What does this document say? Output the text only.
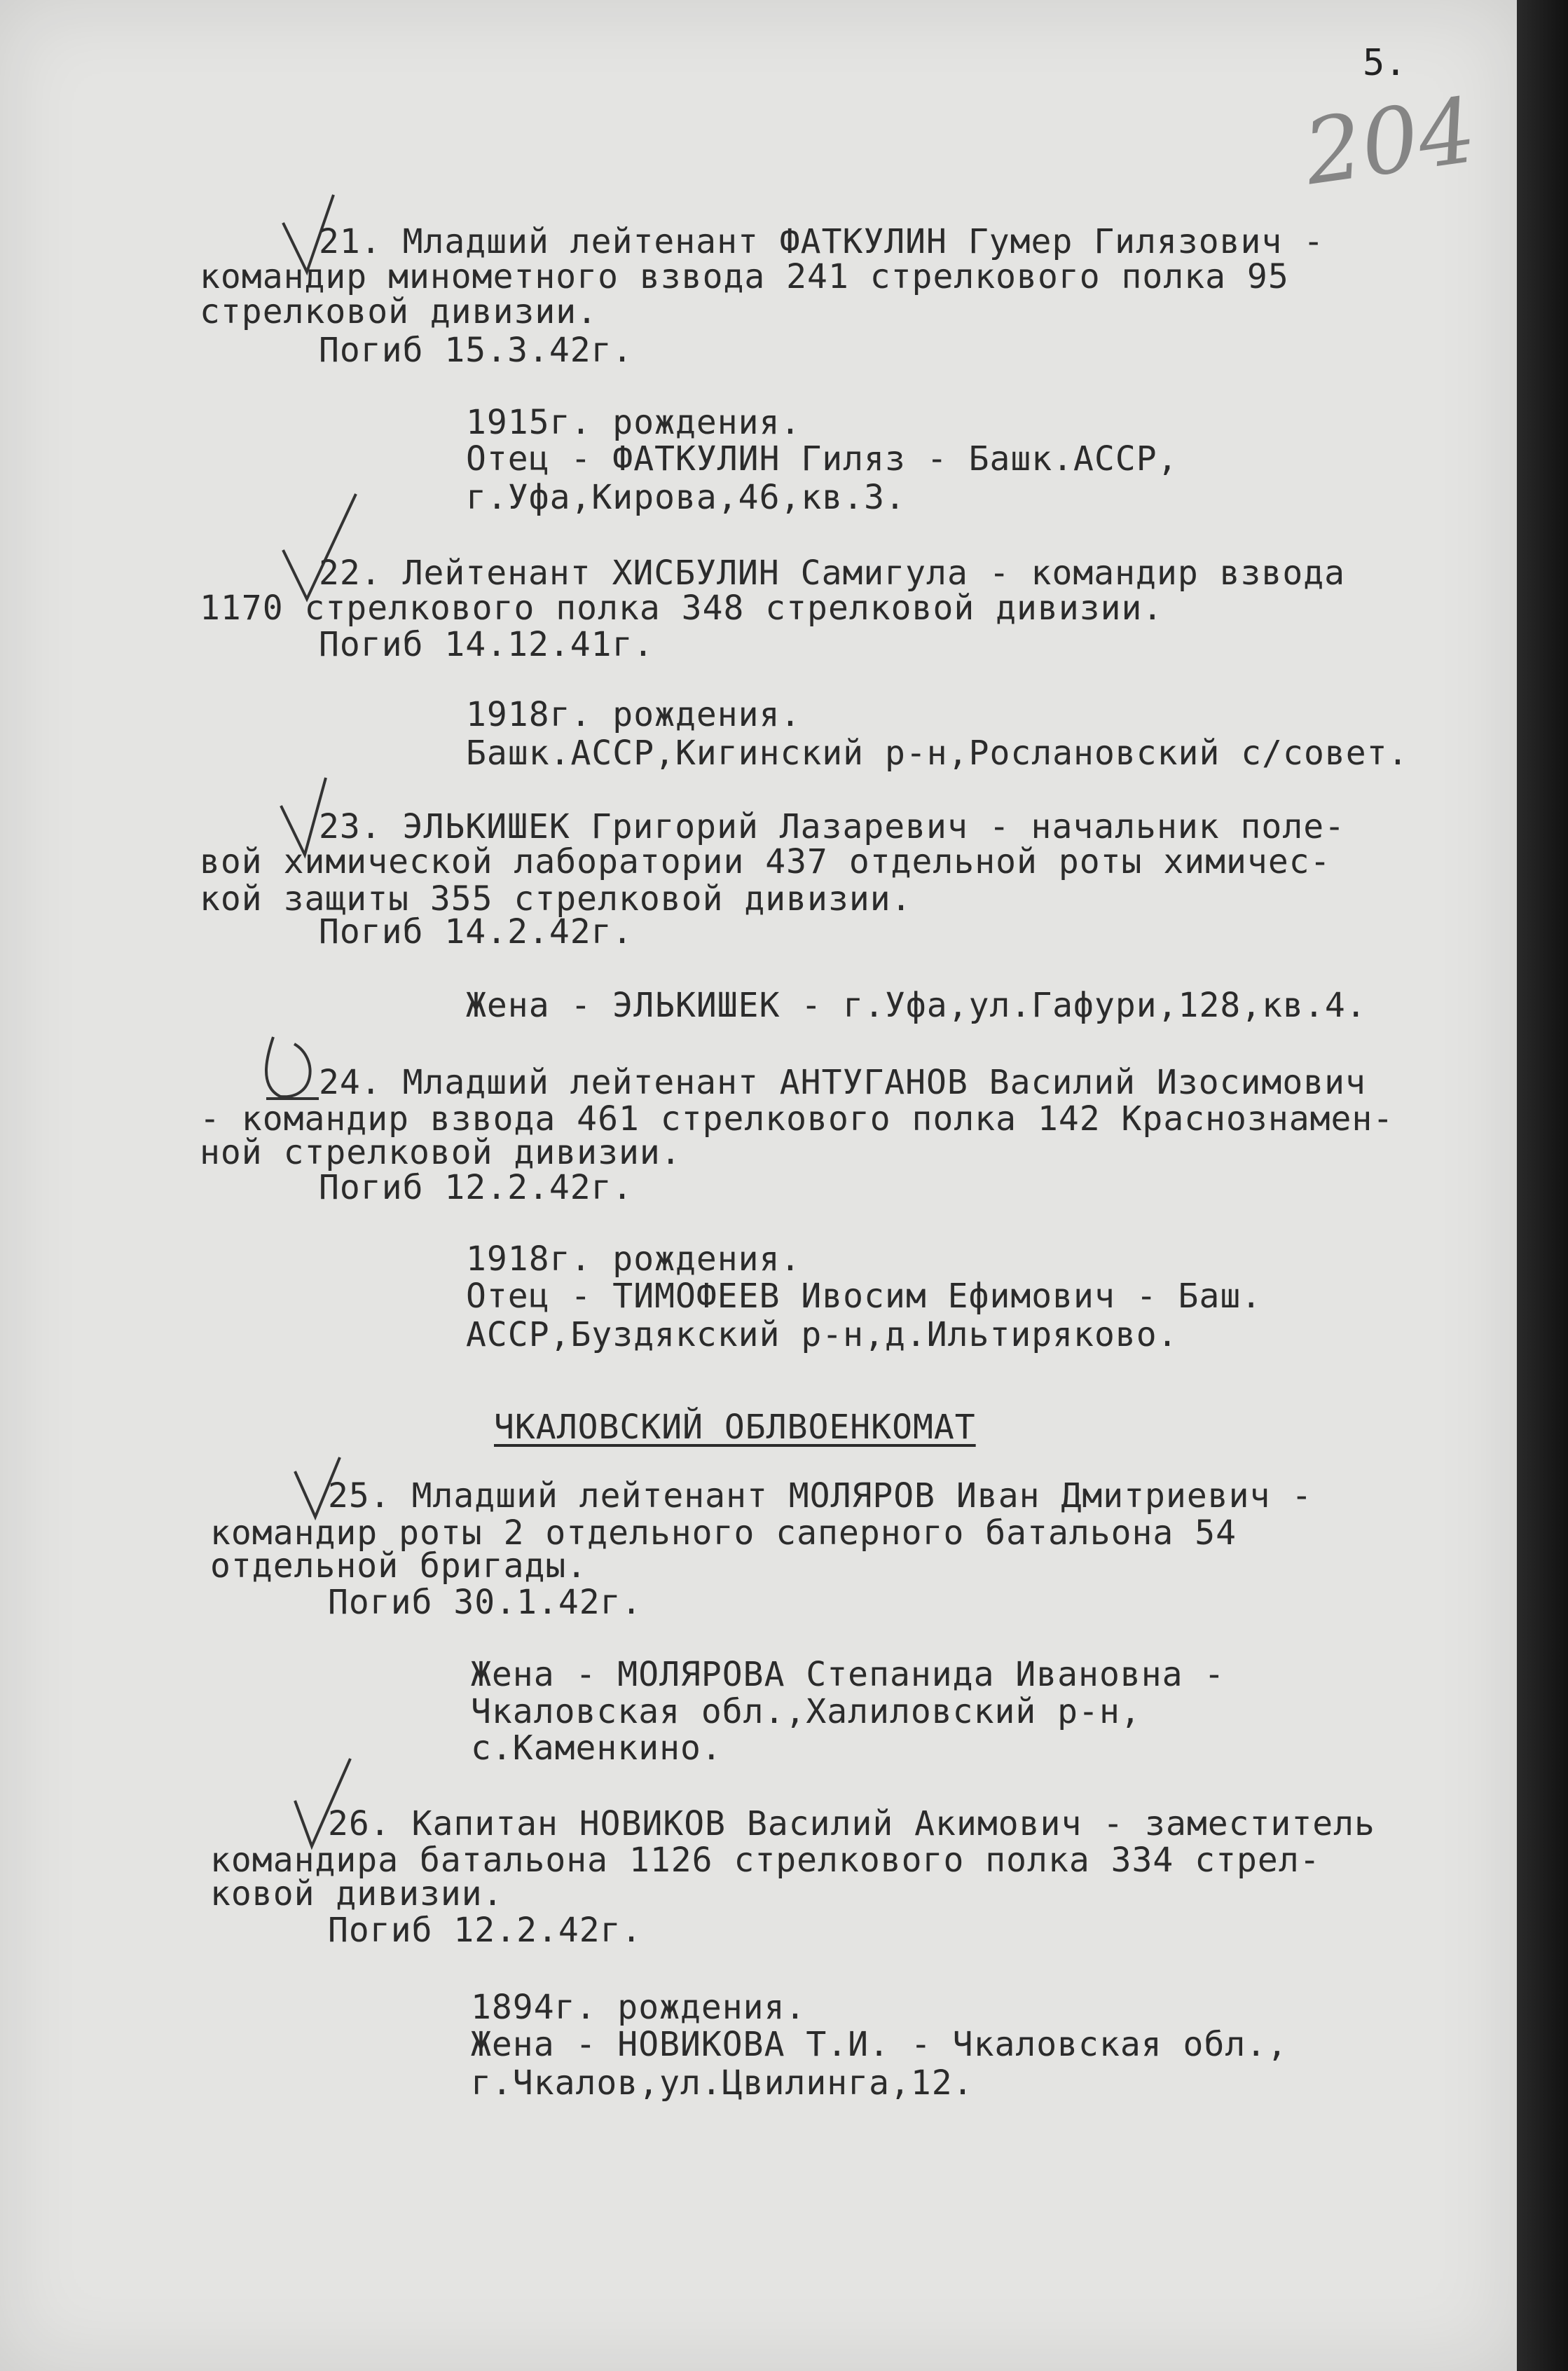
5.
204
21. Младший лейтенант ФАТКУЛИН Гумер Гилязович -
командир минометного взвода 241 стрелкового полка 95
стрелковой дивизии.
Погиб 15.3.42г.
1915г. рождения.
Отец - ФАТКУЛИН Гиляз - Башк.АССР,
г.Уфа,Кирова,46,кв.3.
22. Лейтенант ХИСБУЛИН Самигула - командир взвода
1170 стрелкового полка 348 стрелковой дивизии.
Погиб 14.12.41г.
1918г. рождения.
Башк.АССР,Кигинский р-н,Рослановский с/совет.
23. ЭЛЬКИШЕК Григорий Лазаревич - начальник поле-
вой химической лаборатории 437 отдельной роты химичес-
кой защиты 355 стрелковой дивизии.
Погиб 14.2.42г.
Жена - ЭЛЬКИШЕК - г.Уфа,ул.Гафури,128,кв.4.
24. Младший лейтенант АНТУГАНОВ Василий Изосимович
- командир взвода 461 стрелкового полка 142 Краснознамен-
ной стрелковой дивизии.
Погиб 12.2.42г.
1918г. рождения.
Отец - ТИМОФЕЕВ Ивосим Ефимович - Баш.
АССР,Буздякский р-н,д.Ильтиряково.
ЧКАЛОВСКИЙ ОБЛВОЕНКОМАТ
25. Младший лейтенант МОЛЯРОВ Иван Дмитриевич -
командир роты 2 отдельного саперного батальона 54
отдельной бригады.
Погиб 30.1.42г.
Жена - МОЛЯРОВА Степанида Ивановна -
Чкаловская обл.,Халиловский р-н,
с.Каменкино.
26. Капитан НОВИКОВ Василий Акимович - заместитель
командира батальона 1126 стрелкового полка 334 стрел-
ковой дивизии.
Погиб 12.2.42г.
1894г. рождения.
Жена - НОВИКОВА Т.И. - Чкаловская обл.,
г.Чкалов,ул.Цвилинга,12.
